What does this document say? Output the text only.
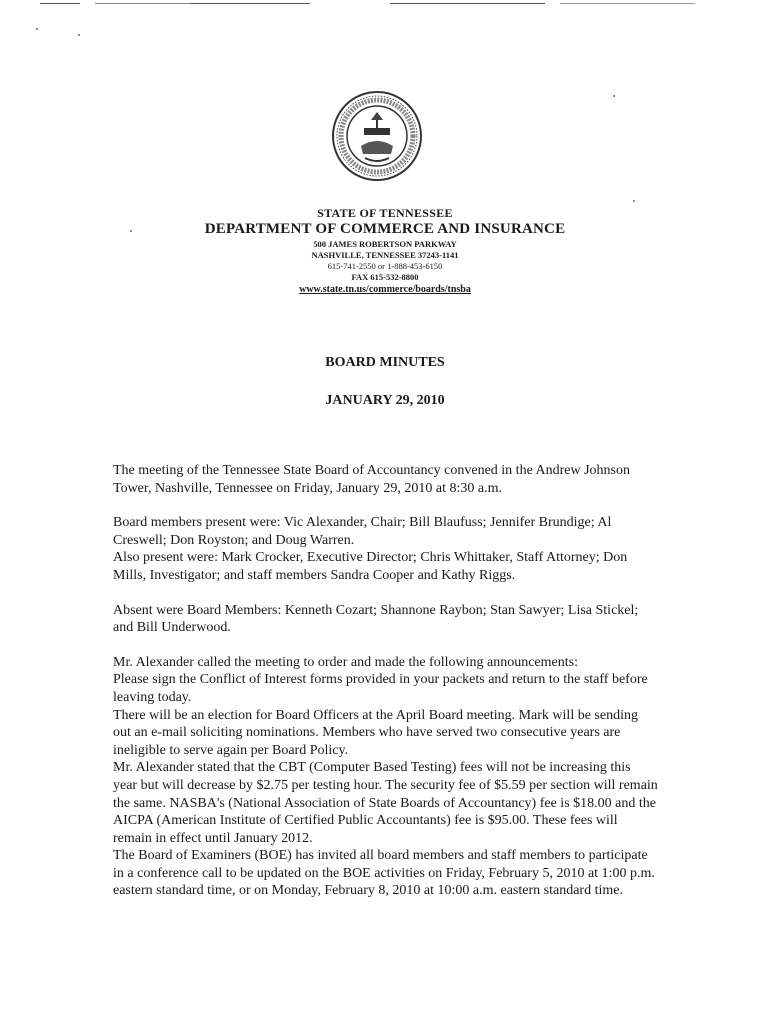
STATE OF TENNESSEE
DEPARTMENT OF COMMERCE AND INSURANCE
500 JAMES ROBERTSON PARKWAY
NASHVILLE, TENNESSEE 37243-1141
615-741-2550 or 1-888-453-6150
FAX 615-532-8800
www.state.tn.us/commerce/boards/tnsba
BOARD MINUTES
JANUARY 29, 2010

The meeting of the Tennessee State Board of Accountancy convened in the Andrew Johnson Tower, Nashville, Tennessee on Friday, January 29, 2010 at 8:30 a.m.

Board members present were: Vic Alexander, Chair; Bill Blaufuss; Jennifer Brundige; Al Creswell; Don Royston; and Doug Warren.

Also present were: Mark Crocker, Executive Director; Chris Whittaker, Staff Attorney; Don Mills, Investigator; and staff members Sandra Cooper and Kathy Riggs.

Absent were Board Members: Kenneth Cozart; Shannone Raybon; Stan Sawyer; Lisa Stickel; and Bill Underwood.

Mr. Alexander called the meeting to order and made the following announcements:

Please sign the Conflict of Interest forms provided in your packets and return to the staff before leaving today.

There will be an election for Board Officers at the April Board meeting. Mark will be sending out an e-mail soliciting nominations. Members who have served two consecutive years are ineligible to serve again per Board Policy.

Mr. Alexander stated that the CBT (Computer Based Testing) fees will not be increasing this year but will decrease by $2.75 per testing hour. The security fee of $5.59 per section will remain the same. NASBA's (National Association of State Boards of Accountancy) fee is $18.00 and the AICPA (American Institute of Certified Public Accountants) fee is $95.00. These fees will remain in effect until January 2012.

The Board of Examiners (BOE) has invited all board members and staff members to participate in a conference call to be updated on the BOE activities on Friday, February 5, 2010 at 1:00 p.m. eastern standard time, or on Monday, February 8, 2010 at 10:00 a.m. eastern standard time.
